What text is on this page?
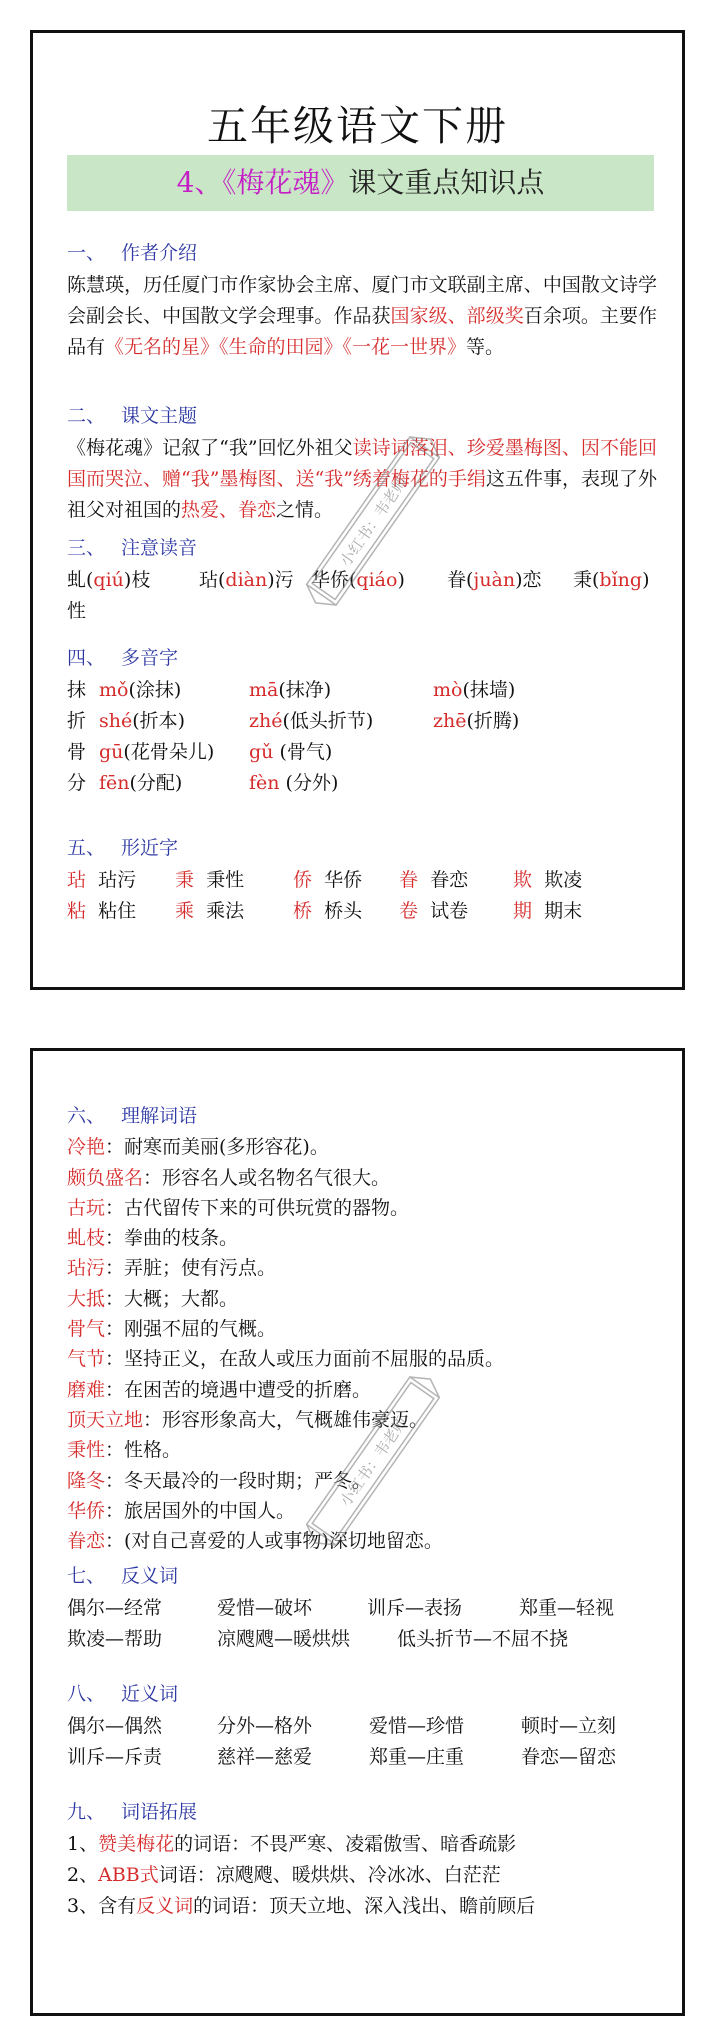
五年级语文下册
4、《梅花魂》课文重点知识点
一、 作者介绍
陈慧瑛，历任厦门市作家协会主席、厦门市文联副主席、中国散文诗学会副会长、中国散文学会理事。作品获国家级、部级奖百余项。主要作品有《无名的星》《生命的田园》《一花一世界》等。
二、 课文主题
《梅花魂》记叙了“我”回忆外祖父读诗词落泪、珍爱墨梅图、因不能回国而哭泣、赠“我”墨梅图、送“我”绣着梅花的手绢这五件事，表现了外祖父对祖国的热爱、眷恋之情。
三、 注意读音
虬(qiú)枝	玷(diàn)污 华侨(qiáo)	眷(juàn)恋	秉(bǐng)
性
四、 多音字
抹 mǒ(涂抹)	mā(抹净)	mò(抹墙)
折 shé(折本)	zhé(低头折节)	zhē(折腾)
骨 gū(花骨朵儿)	gǔ (骨气)
分 fēn(分配)	fèn (分外)
五、 形近字
玷 玷污	秉 秉性	侨 华侨	眷 眷恋	欺 欺凌
粘 粘住	乘 乘法	桥 桥头	卷 试卷	期 期末
小红书：韦老师
六、 理解词语
冷艳：耐寒而美丽(多形容花)。
颇负盛名：形容名人或名物名气很大。
古玩：古代留传下来的可供玩赏的器物。
虬枝：拳曲的枝条。
玷污：弄脏；使有污点。
大抵：大概；大都。
骨气：刚强不屈的气概。
气节：坚持正义，在敌人或压力面前不屈服的品质。
磨难：在困苦的境遇中遭受的折磨。
顶天立地：形容形象高大，气概雄伟豪迈。
秉性：性格。
隆冬：冬天最冷的一段时期；严冬。
华侨：旅居国外的中国人。
眷恋：(对自己喜爱的人或事物)深切地留恋。
七、 反义词
偶尔—经常	爱惜—破坏	训斥—表扬	郑重—轻视
欺凌—帮助	凉飕飕—暖烘烘	低头折节—不屈不挠
八、 近义词
偶尔—偶然	分外—格外	爱惜—珍惜	顿时—立刻
训斥—斥责	慈祥—慈爱	郑重—庄重	眷恋—留恋
九、 词语拓展
1、赞美梅花的词语：不畏严寒、凌霜傲雪、暗香疏影
2、ABB式词语：凉飕飕、暖烘烘、冷冰冰、白茫茫
3、含有反义词的词语：顶天立地、深入浅出、瞻前顾后
小红书：韦老师
